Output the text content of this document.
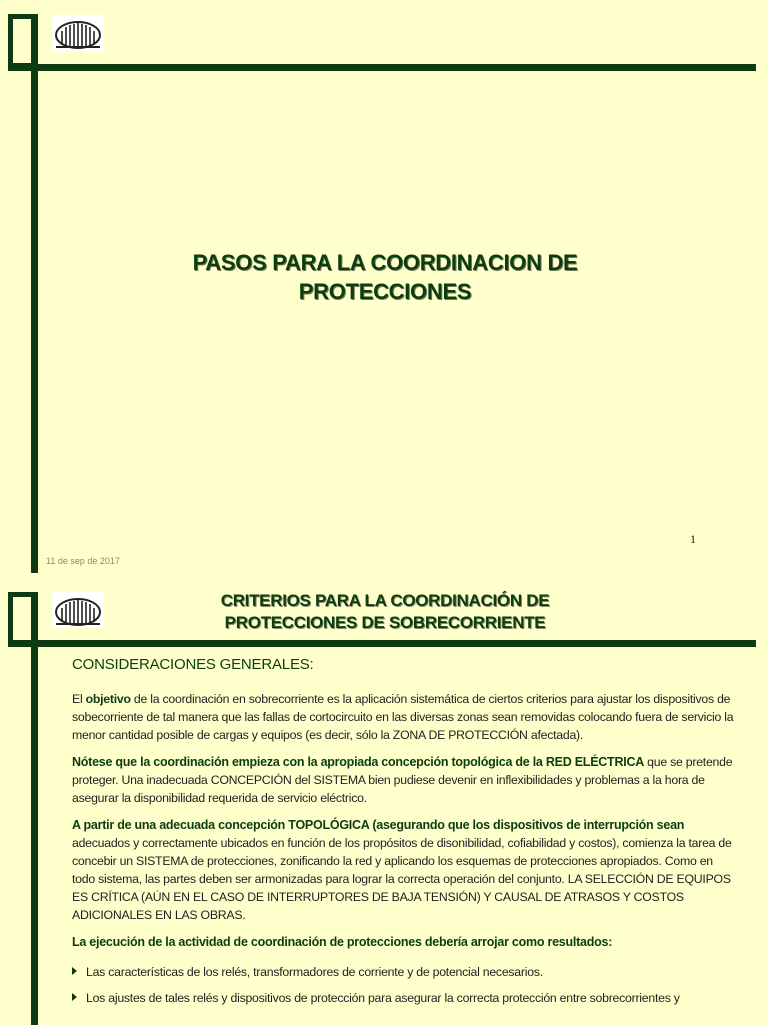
PASOS PARA LA COORDINACION DE
PROTECCIONES
1
11 de sep de 2017
CRITERIOS PARA LA COORDINACIÓN DE
PROTECCIONES DE SOBRECORRIENTE
CONSIDERACIONES GENERALES:

El objetivo de la coordinación en sobrecorriente es la aplicación sistemática de ciertos criterios para ajustar los dispositivos de sobecorriente de tal manera que las fallas de cortocircuito en las diversas zonas sean removidas colocando fuera de servicio la menor cantidad posible de cargas y equipos (es decir, sólo la ZONA DE PROTECCIÓN afectada).

Nótese que la coordinación empieza con la apropiada concepción topológica de la RED ELÉCTRICA que se pretende proteger. Una inadecuada CONCEPCIÓN del SISTEMA bien pudiese devenir en inflexibilidades y problemas a la hora de asegurar la disponibilidad requerida de servicio eléctrico.

A partir de una adecuada concepción TOPOLÓGICA (asegurando que los dispositivos de interrupción sean adecuados y correctamente ubicados en función de los propósitos de disonibilidad, cofiabilidad y costos), comienza la tarea de concebir un SISTEMA de protecciones, zonificando la red y aplicando los esquemas de protecciones apropiados. Como en todo sistema, las partes deben ser armonizadas para lograr la correcta operación del conjunto. LA SELECCIÓN DE EQUIPOS ES CRÍTICA (AÚN EN EL CASO DE INTERRUPTORES DE BAJA TENSIÓN) Y CAUSAL DE ATRASOS Y COSTOS ADICIONALES EN LAS OBRAS.

La ejecución de la actividad de coordinación de protecciones debería arrojar como resultados:
Las características de los relés, transformadores de corriente y de potencial necesarios.
Los ajustes de tales relés y dispositivos de protección para asegurar la correcta protección entre sobrecorrientes y
